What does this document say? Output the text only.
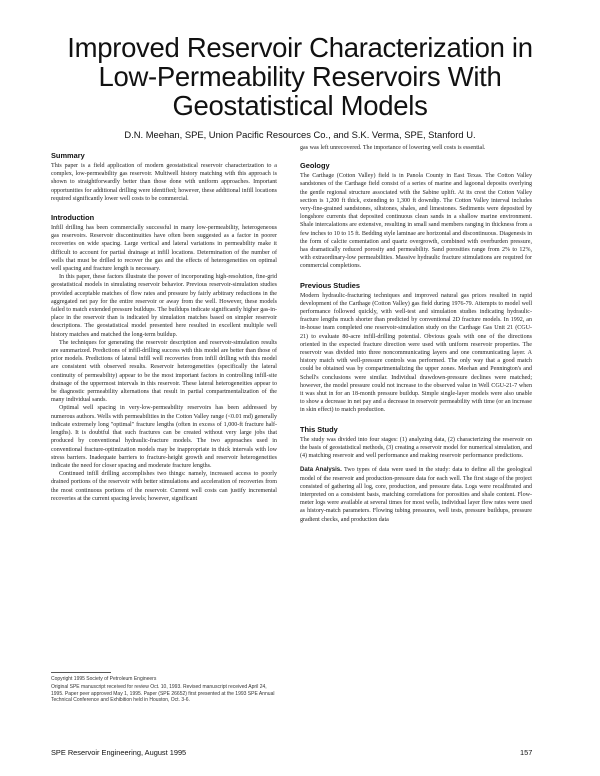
Improved Reservoir Characterization in
Low-Permeability Reservoirs With
Geostatistical Models
D.N. Meehan, SPE, Union Pacific Resources Co., and S.K. Verma, SPE, Stanford U.
Summary

This paper is a field application of modern geostatistical reservoir characterization to a complex, low-permeability gas reservoir. Multiwell history matching with this approach is shown to straightforwardly better than those done with uniform approaches. Important opportunities for additional drilling were identified; however, these additional infill locations required significantly lower well costs to be commercial.

Introduction

Infill drilling has been commercially successful in many low-permeability, heterogeneous gas reservoirs. Reservoir discontinuities have often been suggested as a factor in poorer recoveries on wide spacing. Large vertical and lateral variations in permeability make it difficult to account for partial drainage at infill locations. Determination of the number of wells that must be drilled to recover the gas and the effects of heterogeneities on optimal well spacing and fracture length is necessary.

In this paper, these factors illustrate the power of incorporating high-resolution, fine-grid geostatistical models in simulating reservoir behavior. Previous reservoir-simulation studies provided acceptable matches of flow rates and pressure by fairly arbitrary reductions in the aggregated net pay for the entire reservoir or away from the well. However, these models failed to match extended pressure buildups. The buildups indicate significantly higher gas-in-place in the reservoir than is indicated by simulation matches based on simpler reservoir descriptions. The geostatistical model presented here resulted in excellent multiple well history matches and matched the long-term buildup.

The techniques for generating the reservoir description and reservoir-simulation results are summarized. Predictions of infill-drilling success with this model are better than those of prior models. Predictions of lateral infill well recoveries from infill drilling with this model are consistent with observed results. Reservoir heterogeneities (specifically the lateral continuity of permeability) appear to be the most important factors in controlling infill-site drainage of the uppermost intervals in this reservoir. These lateral heterogeneities appear to be diagnostic permeability alternations that result in partial compartmentalization of the many individual sands.

Optimal well spacing in very-low-permeability reservoirs has been addressed by numerous authors. Wells with permeabilities in the Cotton Valley range (<0.01 md) generally indicate extremely long "optimal" fracture lengths (often in excess of 1,000-ft fracture half-lengths). It is doubtful that such fractures can be created without very large jobs that produced by conventional hydraulic-fracture models. The two approaches used in conventional fracture-optimization models may be inappropriate in thick intervals with low stress barriers. Inadequate barriers to fracture-height growth and reservoir heterogeneities indicate the need for closer spacing and moderate fracture lengths.

Continued infill drilling accomplishes two things: namely, increased access to poorly drained portions of the reservoir with better stimulations and acceleration of recoveries from the most continuous portions of the reservoir. Current well costs can justify incremental recoveries at the current spacing levels; however, significant

gas was left unrecovered. The importance of lowering well costs is essential.

Geology

The Carthage (Cotton Valley) field is in Panola County in East Texas. The Cotton Valley sandstones of the Carthage field consist of a series of marine and lagoonal deposits overlying the gentle regional structure associated with the Sabine uplift. At its crest the Cotton Valley section is 1,200 ft thick, extending to 1,300 ft downdip. The Cotton Valley interval includes very-fine-grained sandstones, siltstones, shales, and limestones. Sediments were deposited by longshore currents that deposited continuous clean sands in a shallow marine environment. Shale intercalations are extensive, resulting in small sand members ranging in thickness from a few inches to 10 to 15 ft. Bedding style laminae are horizontal and discontinuous. Diagenesis in the form of calcite cementation and quartz overgrowth, combined with overburden pressure, has dramatically reduced porosity and permeability. Sand porosities range from 2% to 12%, with extraordinary-low permeabilities. Massive hydraulic fracture stimulations are required for commercial completions.

Previous Studies

Modern hydraulic-fracturing techniques and improved natural gas prices resulted in rapid development of the Carthage (Cotton Valley) gas field during 1976-79. Attempts to model well performance followed quickly, with well-test and simulation studies indicating hydraulic-fracture lengths much shorter than predicted by conventional 2D fracture models. In 1992, an in-house team completed one reservoir-simulation study on the Carthage Gas Unit 21 (CGU-21) to evaluate 80-acre infill-drilling potential. Obvious goals with one of the directions oriented in the expected fracture direction were used with uniform reservoir properties. The reservoir was divided into three noncommunicating layers and one communicating layer. A history match with well-pressure controls was performed. The only way that a good match could be obtained was by compartmentalizing the upper zones. Meehan and Pennington's and Schell's conclusions were similar. Individual drawdown-pressure declines were matched; however, the model pressure could not increase to the observed value in Well CGU-21-7 when it was shut in for an 18-month pressure buildup. Simple single-layer models were also unable to show a decrease in net pay and a decrease in reservoir permeability with time (or an increase in skin effect) to match production.

This Study

The study was divided into four stages: (1) analyzing data, (2) characterizing the reservoir on the basis of geostatistical methods, (3) creating a reservoir model for numerical simulation, and (4) matching reservoir and well performance and making reservoir performance predictions.

Data Analysis. Two types of data were used in the study: data to define all the geological model of the reservoir and production-pressure data for each well. The first stage of the project consisted of gathering all log, core, production, and pressure data. Logs were recalibrated and interpreted on a consistent basis, matching correlations for porosities and shale content. Flow-meter logs were available at several times for most wells, individual layer flow rates were used as history-match parameters. Flowing tubing pressures, well tests, pressure buildups, pressure gradient checks, and production data

Copyright 1995 Society of Petroleum Engineers
Original SPE manuscript received for review Oct. 10, 1993. Revised manuscript received April 24, 1995. Paper peer approved May 1, 1995. Paper (SPE 26652) first presented at the 1993 SPE Annual Technical Conference and Exhibition held in Houston, Oct. 3-6.
SPE Reservoir Engineering, August 1995	157
